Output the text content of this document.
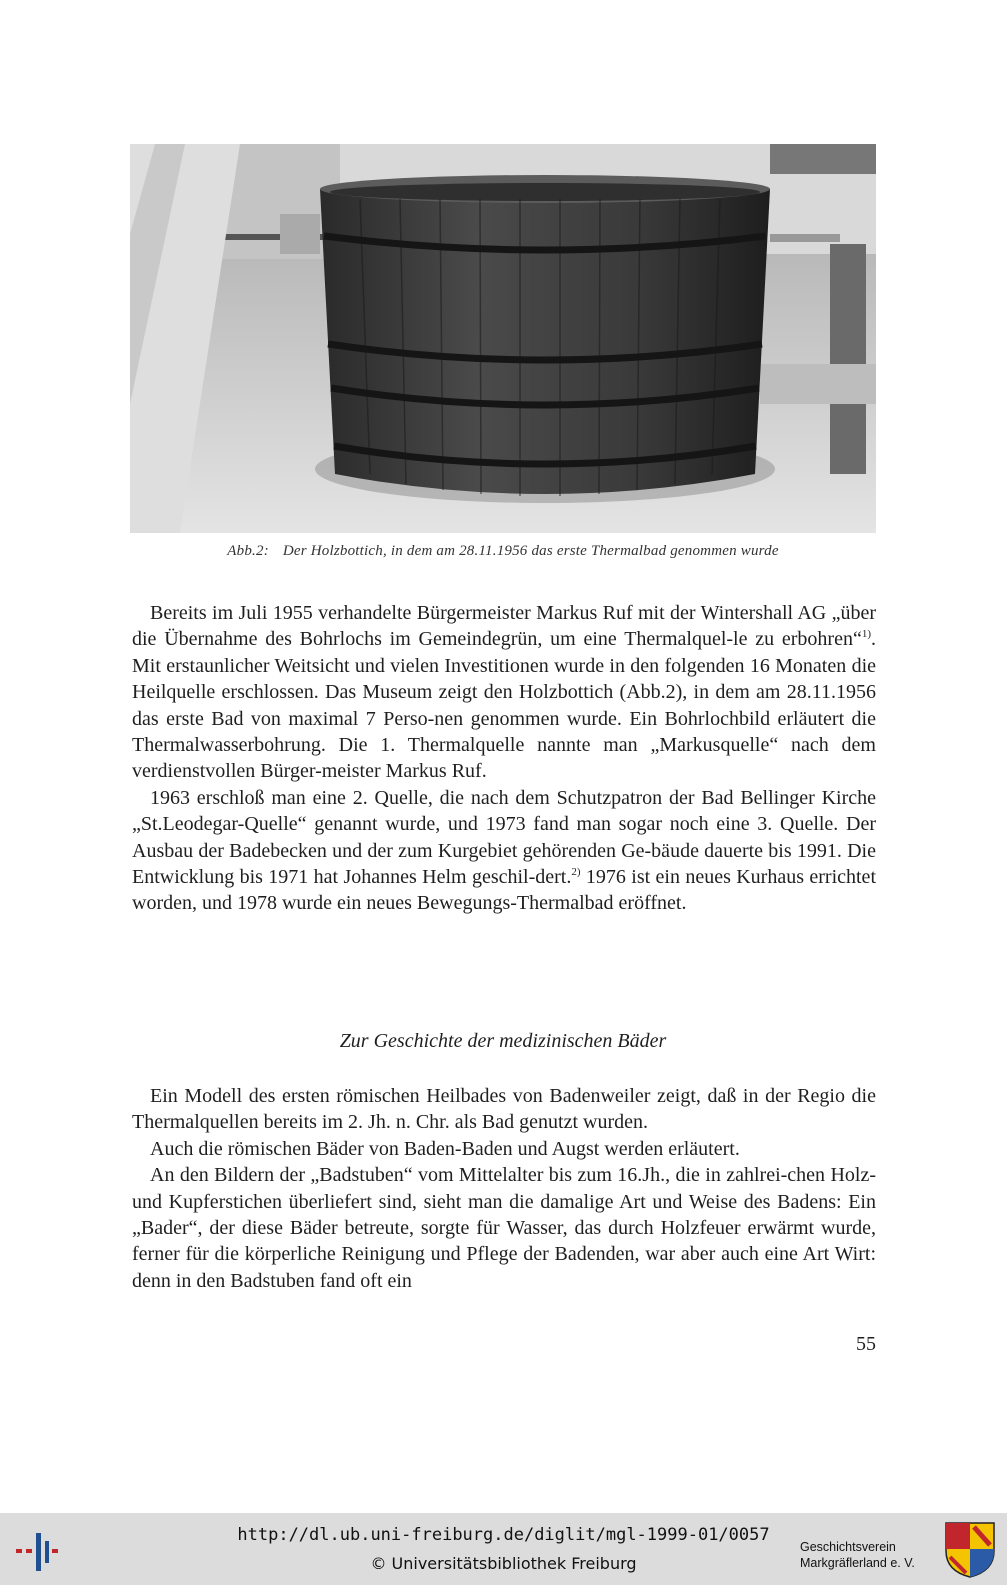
Abb.2: Der Holzbottich, in dem am 28.11.1956 das erste Thermalbad genommen wurde

Bereits im Juli 1955 verhandelte Bürgermeister Markus Ruf mit der Wintershall AG „über die Übernahme des Bohrlochs im Gemeindegrün, um eine Thermalquel-le zu erbohren“$^{1)}$. Mit erstaunlicher Weitsicht und vielen Investitionen wurde in den folgenden 16 Monaten die Heilquelle erschlossen. Das Museum zeigt den Holzbottich (Abb.2), in dem am 28.11.1956 das erste Bad von maximal 7 Perso-nen genommen wurde. Ein Bohrlochbild erläutert die Thermalwasserbohrung. Die 1. Thermalquelle nannte man „Markusquelle“ nach dem verdienstvollen Bürger-meister Markus Ruf.

1963 erschloß man eine 2. Quelle, die nach dem Schutzpatron der Bad Bellinger Kirche „St.Leodegar-Quelle“ genannt wurde, und 1973 fand man sogar noch eine 3. Quelle. Der Ausbau der Badebecken und der zum Kurgebiet gehörenden Ge-bäude dauerte bis 1991. Die Entwicklung bis 1971 hat Johannes Helm geschil-dert.$^{2)}$ 1976 ist ein neues Kurhaus errichtet worden, und 1978 wurde ein neues Bewegungs-Thermalbad eröffnet.

Zur Geschichte der medizinischen Bäder

Ein Modell des ersten römischen Heilbades von Badenweiler zeigt, daß in der Regio die Thermalquellen bereits im 2. Jh. n. Chr. als Bad genutzt wurden.

Auch die römischen Bäder von Baden-Baden und Augst werden erläutert.

An den Bildern der „Badstuben“ vom Mittelalter bis zum 16.Jh., die in zahlrei-chen Holz- und Kupferstichen überliefert sind, sieht man die damalige Art und Weise des Badens: Ein „Bader“, der diese Bäder betreute, sorgte für Wasser, das durch Holzfeuer erwärmt wurde, ferner für die körperliche Reinigung und Pflege der Badenden, war aber auch eine Art Wirt: denn in den Badstuben fand oft ein

55
http://dl.ub.uni-freiburg.de/diglit/mgl-1999-01/0057
© Universitätsbibliothek Freiburg
Geschichtsverein
Markgräflerland e. V.
